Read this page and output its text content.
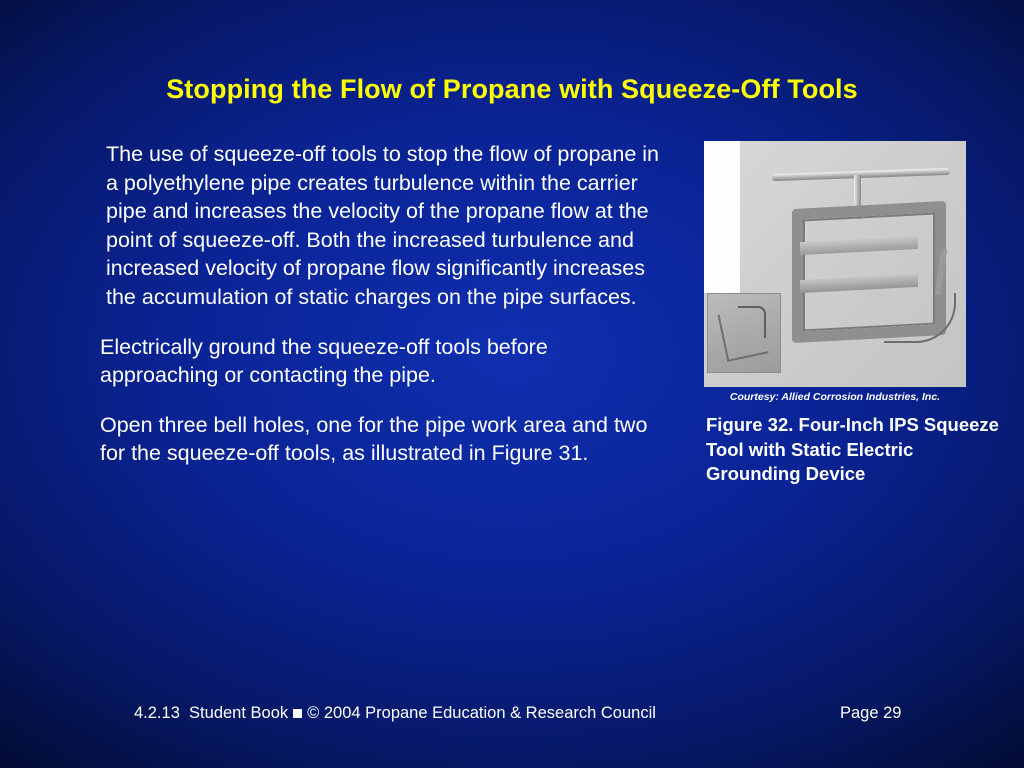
Stopping the Flow of Propane with Squeeze-Off Tools

The use of squeeze-off tools to stop the flow of propane in a polyethylene pipe creates turbulence within the carrier pipe and increases the velocity of the propane flow at the point of squeeze-off. Both the increased turbulence and increased velocity of propane flow significantly increases the accumulation of static charges on the pipe surfaces.

Electrically ground the squeeze-off tools before approaching or contacting the pipe.

Open three bell holes, one for the pipe work area and two for the squeeze-off tools, as illustrated in Figure 31.

Courtesy: Allied Corrosion Industries, Inc.
Figure 32. Four-Inch IPS Squeeze Tool with Static Electric Grounding Device
4.2.13 Student Book © 2004 Propane Education & Research Council	Page 29
